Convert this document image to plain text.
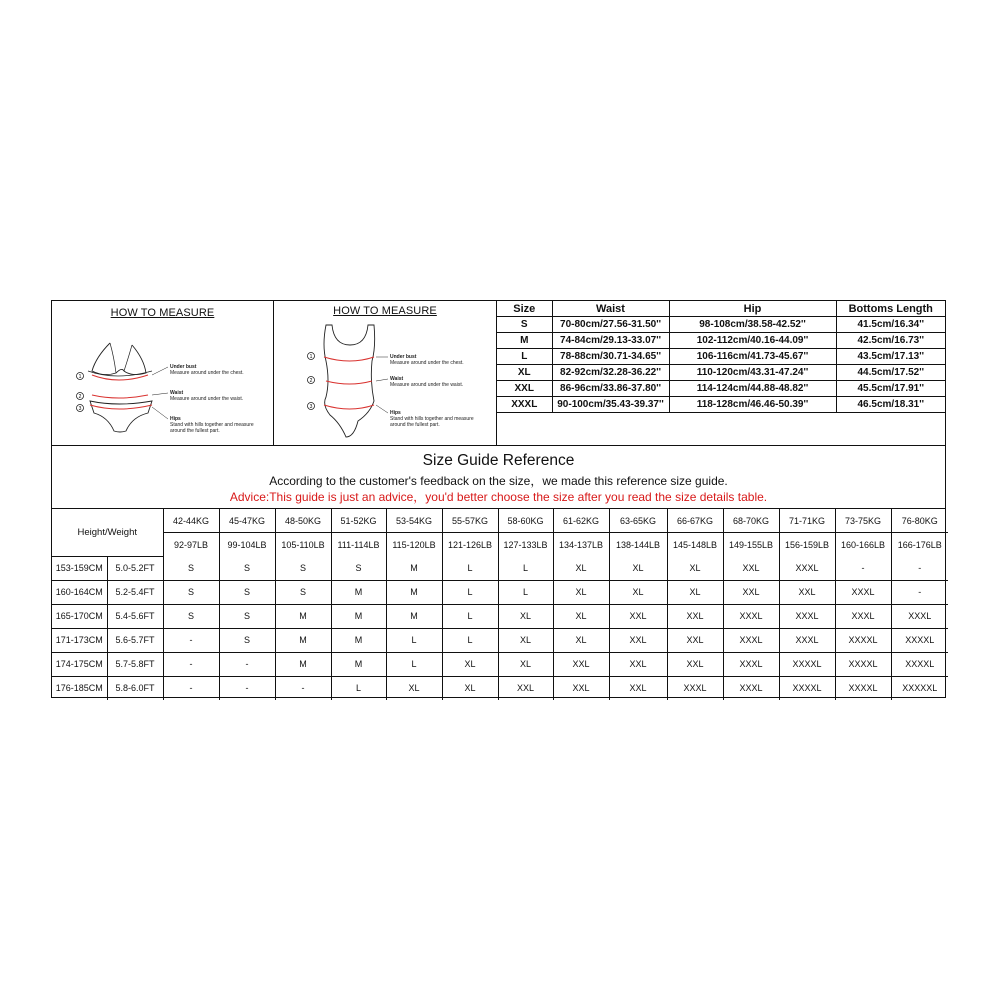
HOW TO MEASURE
1
2
3
Under bust
Measure around under the chest.
Waist
Measure around under the waist.
Hips
Stand with hills together and measure around the fullest part.
HOW TO MEASURE
1
2
3
Under bust
Measure around under the chest.
Waist
Measure around under the waist.
Hips
Stand with hills together and measure around the fullest part.
Size	Waist	Hip	Bottoms Length
S	70-80cm/27.56-31.50''	98-108cm/38.58-42.52''	41.5cm/16.34''
M	74-84cm/29.13-33.07''	102-112cm/40.16-44.09''	42.5cm/16.73''
L	78-88cm/30.71-34.65''	106-116cm/41.73-45.67''	43.5cm/17.13''
XL	82-92cm/32.28-36.22''	110-120cm/43.31-47.24''	44.5cm/17.52''
XXL	86-96cm/33.86-37.80''	114-124cm/44.88-48.82''	45.5cm/17.91''
XXXL	90-100cm/35.43-39.37''	118-128cm/46.46-50.39''	46.5cm/18.31''
Size Guide Reference
According to the customer's feedback on the size，we made this reference size guide.
Advice:This guide is just an advice，you'd better choose the size after you read the size details table.
Height/Weight		42-44KG	45-47KG	48-50KG	51-52KG	53-54KG	55-57KG	58-60KG	61-62KG	63-65KG	66-67KG	68-70KG	71-71KG	73-75KG	76-80KG
		92-97LB	99-104LB	105-110LB	111-114LB	115-120LB	121-126LB	127-133LB	134-137LB	138-144LB	145-148LB	149-155LB	156-159LB	160-166LB	166-176LB
153-159CM	5.0-5.2FT	S	S	S	S	M	L	L	XL	XL	XL	XXL	XXXL	-	-
160-164CM	5.2-5.4FT	S	S	S	M	M	L	L	XL	XL	XL	XXL	XXL	XXXL	-
165-170CM	5.4-5.6FT	S	S	M	M	M	L	XL	XL	XXL	XXL	XXXL	XXXL	XXXL	XXXL
171-173CM	5.6-5.7FT	-	S	M	M	L	L	XL	XL	XXL	XXL	XXXL	XXXL	XXXXL	XXXXL
174-175CM	5.7-5.8FT	-	-	M	M	L	XL	XL	XXL	XXL	XXL	XXXL	XXXXL	XXXXL	XXXXL
176-185CM	5.8-6.0FT	-	-	-	L	XL	XL	XXL	XXL	XXL	XXXL	XXXL	XXXXL	XXXXL	XXXXXL
